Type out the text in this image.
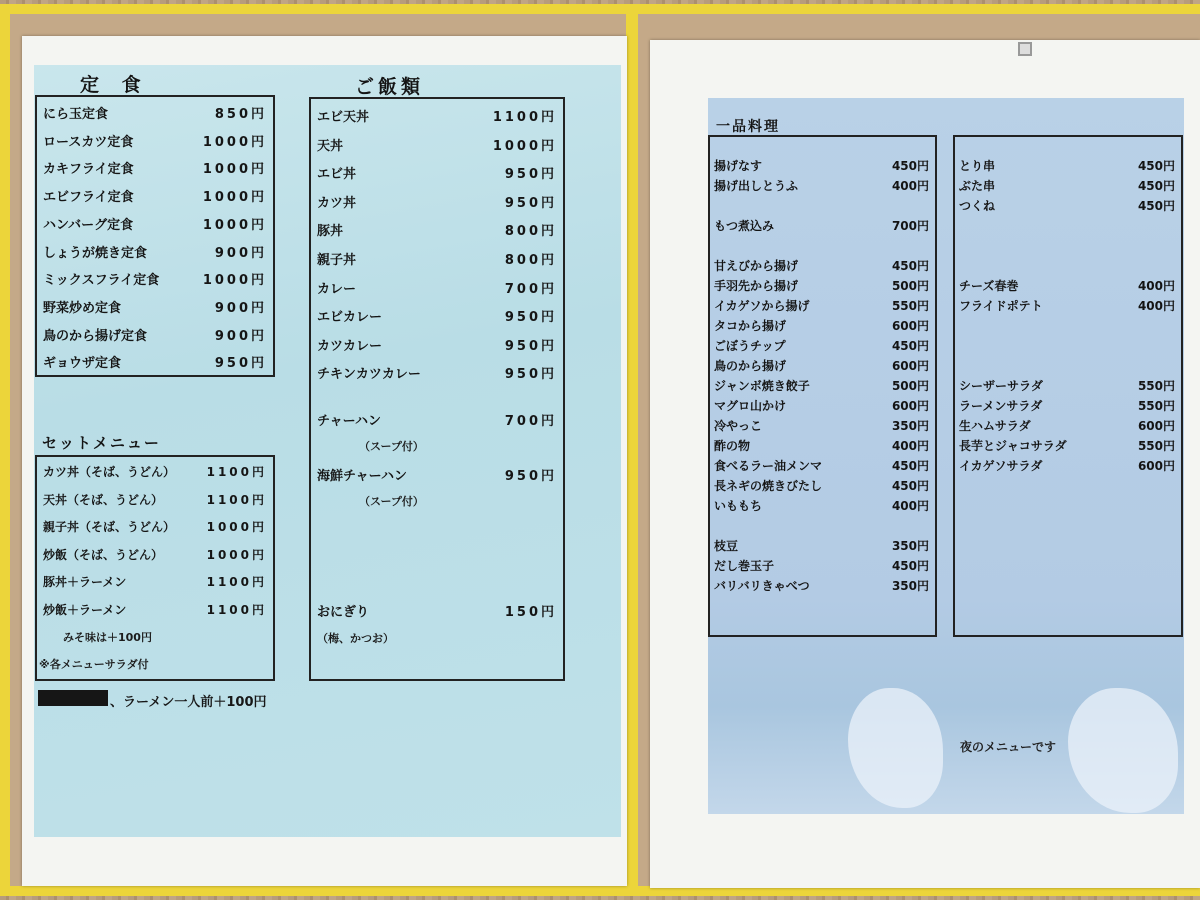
定 食
にら玉定食	850円
ロースカツ定食	1000円
カキフライ定食	1000円
エビフライ定食	1000円
ハンバーグ定食	1000円
しょうが焼き定食	900円
ミックスフライ定食	1000円
野菜炒め定食	900円
鳥のから揚げ定食	900円
ギョウザ定食	950円
ご飯類
エビ天丼	1100円
天丼	1000円
エビ丼	950円
カツ丼	950円
豚丼	800円
親子丼	800円
カレー	700円
エビカレー	950円
カツカレー	950円
チキンカツカレー	950円
チャーハン	700円
（スープ付）
海鮮チャーハン	950円
（スープ付）
おにぎり	150円
（梅、かつお）
セットメニュー
カツ丼（そば、うどん）	1100円
天丼（そば、うどん）	1100円
親子丼（そば、うどん）	1000円
炒飯（そば、うどん）	1000円
豚丼＋ラーメン	1100円
炒飯＋ラーメン	1100円
みそ味は＋100円
※各メニューサラダ付
、ラーメン一人前＋100円
一品料理
揚げなす	450円
揚げ出しとうふ	400円
もつ煮込み	700円
甘えびから揚げ	450円
手羽先から揚げ	500円
イカゲソから揚げ	550円
タコから揚げ	600円
ごぼうチップ	450円
鳥のから揚げ	600円
ジャンボ焼き餃子	500円
マグロ山かけ	600円
冷やっこ	350円
酢の物	400円
食べるラー油メンマ	450円
長ネギの焼きびたし	450円
いももち	400円
枝豆	350円
だし巻玉子	450円
バリバリきゃべつ	350円
とり串	450円
ぶた串	450円
つくね	450円
チーズ春巻	400円
フライドポテト	400円
シーザーサラダ	550円
ラーメンサラダ	550円
生ハムサラダ	600円
長芋とジャコサラダ	550円
イカゲソサラダ	600円
夜のメニューです
